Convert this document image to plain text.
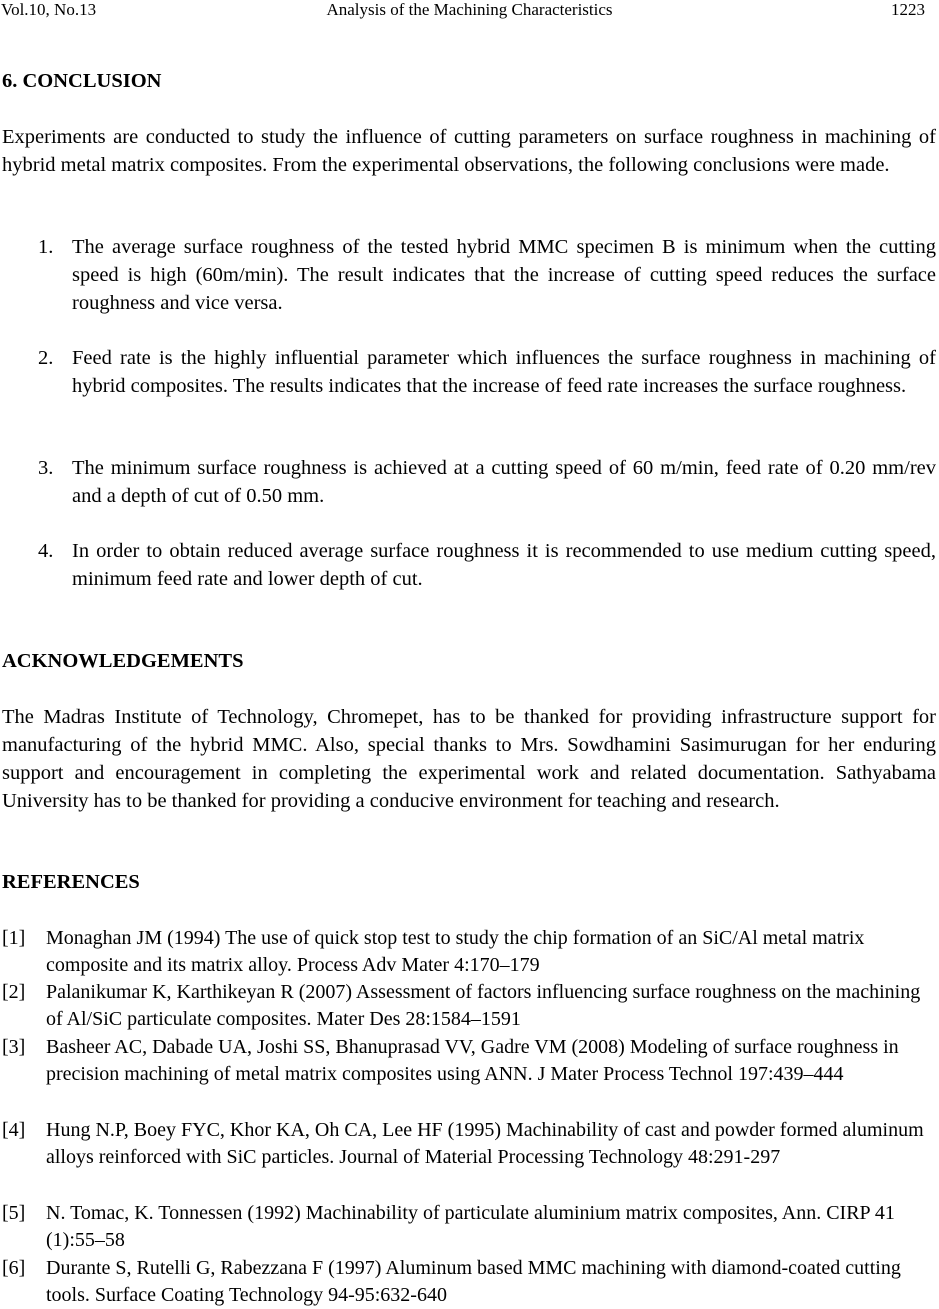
Vol.10, No.13	Analysis of the Machining Characteristics	1223
6. CONCLUSION

Experiments are conducted to study the influence of cutting parameters on surface roughness in machining of hybrid metal matrix composites. From the experimental observations, the following conclusions were made.

1. The average surface roughness of the tested hybrid MMC specimen B is minimum when the cutting speed is high (60m/min). The result indicates that the increase of cutting speed reduces the surface roughness and vice versa.
2. Feed rate is the highly influential parameter which influences the surface roughness in machining of hybrid composites. The results indicates that the increase of feed rate increases the surface roughness.
3. The minimum surface roughness is achieved at a cutting speed of 60 m/min, feed rate of 0.20 mm/rev and a depth of cut of 0.50 mm.
4. In order to obtain reduced average surface roughness it is recommended to use medium cutting speed, minimum feed rate and lower depth of cut.
ACKNOWLEDGEMENTS

The Madras Institute of Technology, Chromepet, has to be thanked for providing infrastructure support for manufacturing of the hybrid MMC. Also, special thanks to Mrs. Sowdhamini Sasimurugan for her enduring support and encouragement in completing the experimental work and related documentation. Sathyabama University has to be thanked for providing a conducive environment for teaching and research.

REFERENCES
[1] Monaghan JM (1994) The use of quick stop test to study the chip formation of an SiC/Al metal matrix composite and its matrix alloy. Process Adv Mater 4:170–179
[2] Palanikumar K, Karthikeyan R (2007) Assessment of factors influencing surface roughness on the machining of Al/SiC particulate composites. Mater Des 28:1584–1591
[3] Basheer AC, Dabade UA, Joshi SS, Bhanuprasad VV, Gadre VM (2008) Modeling of surface roughness in precision machining of metal matrix composites using ANN. J Mater Process Technol 197:439–444
[4] Hung N.P, Boey FYC, Khor KA, Oh CA, Lee HF (1995) Machinability of cast and powder formed aluminum alloys reinforced with SiC particles. Journal of Material Processing Technology 48:291-297
[5] N. Tomac, K. Tonnessen (1992) Machinability of particulate aluminium matrix composites, Ann. CIRP 41 (1):55–58
[6] Durante S, Rutelli G, Rabezzana F (1997) Aluminum based MMC machining with diamond-coated cutting tools. Surface Coating Technology 94-95:632-640
